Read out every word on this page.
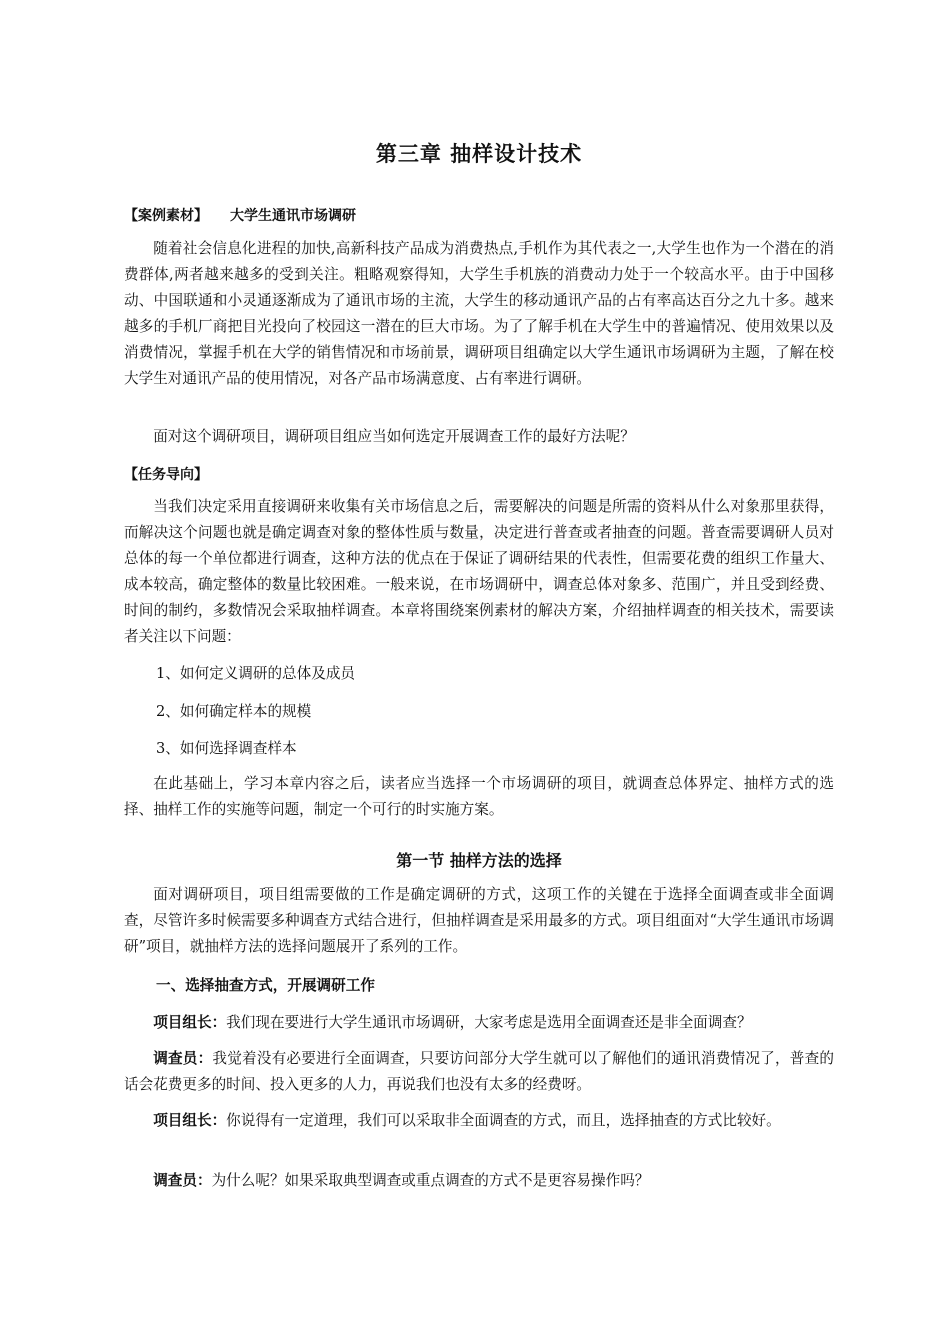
第三章 抽样设计技术
【案例素材】 大学生通讯市场调研

随着社会信息化进程的加快,高新科技产品成为消费热点,手机作为其代表之一,大学生也作为一个潜在的消费群体,两者越来越多的受到关注。粗略观察得知，大学生手机族的消费动力处于一个较高水平。由于中国移动、中国联通和小灵通逐渐成为了通讯市场的主流，大学生的移动通讯产品的占有率高达百分之九十多。越来越多的手机厂商把目光投向了校园这一潜在的巨大市场。为了了解手机在大学生中的普遍情况、使用效果以及消费情况，掌握手机在大学的销售情况和市场前景，调研项目组确定以大学生通讯市场调研为主题，了解在校大学生对通讯产品的使用情况，对各产品市场满意度、占有率进行调研。

面对这个调研项目，调研项目组应当如何选定开展调查工作的最好方法呢？

【任务导向】

当我们决定采用直接调研来收集有关市场信息之后，需要解决的问题是所需的资料从什么对象那里获得，而解决这个问题也就是确定调查对象的整体性质与数量，决定进行普查或者抽查的问题。普查需要调研人员对总体的每一个单位都进行调查，这种方法的优点在于保证了调研结果的代表性，但需要花费的组织工作量大、成本较高，确定整体的数量比较困难。一般来说，在市场调研中，调查总体对象多、范围广，并且受到经费、时间的制约，多数情况会采取抽样调查。本章将围绕案例素材的解决方案，介绍抽样调查的相关技术，需要读者关注以下问题：

1、如何定义调研的总体及成员

2、如何确定样本的规模

3、如何选择调查样本

在此基础上，学习本章内容之后，读者应当选择一个市场调研的项目，就调查总体界定、抽样方式的选择、抽样工作的实施等问题，制定一个可行的时实施方案。

第一节 抽样方法的选择

面对调研项目，项目组需要做的工作是确定调研的方式，这项工作的关键在于选择全面调查或非全面调查，尽管许多时候需要多种调查方式结合进行，但抽样调查是采用最多的方式。项目组面对“大学生通讯市场调研”项目，就抽样方法的选择问题展开了系列的工作。

一、选择抽查方式，开展调研工作

项目组长：我们现在要进行大学生通讯市场调研，大家考虑是选用全面调查还是非全面调查？

调查员：我觉着没有必要进行全面调查，只要访问部分大学生就可以了解他们的通讯消费情况了，普查的话会花费更多的时间、投入更多的人力，再说我们也没有太多的经费呀。

项目组长：你说得有一定道理，我们可以采取非全面调查的方式，而且，选择抽查的方式比较好。

调查员：为什么呢？如果采取典型调查或重点调查的方式不是更容易操作吗？
